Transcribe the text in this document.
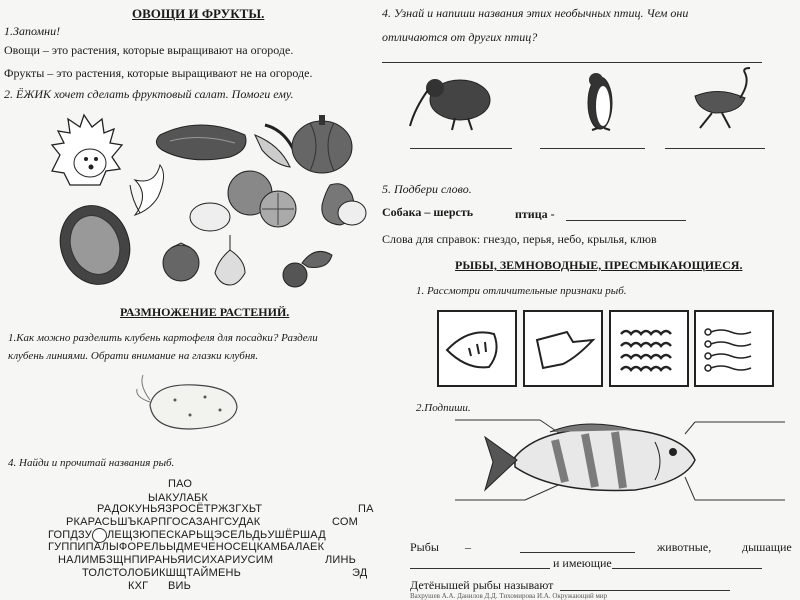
ОВОЩИ И ФРУКТЫ.
1.Запомни!
Овощи – это растения, которые выращивают на огороде.
Фрукты – это растения, которые выращивают не на огороде.
2. ЁЖИК хочет сделать фруктовый салат. Помоги ему.
РАЗМНОЖЕНИЕ РАСТЕНИЙ.
1.Как можно разделить клубень картофеля для посадки? Раздели
клубень линиями. Обрати внимание на глазки клубня.
4. Найди и прочитай названия рыб.
ПАО
ЫАКУЛАБК
РАДОКУНЬЯЗРОСЁТРЖЗГХЬТ	ПА
РКАРАСЬШЪКАРПГОСАЗАНГСУДАК	СОМ
ГОПДЗУ ЛЕЩЗЮПЕСКАРЬЩЭСЕЛЬДЬУШЁРШАД
ГУППИПАЛЫФОРЕЛЬЫДМЕЧЕНОСЕЦКАМБАЛАЕК
НАЛИМБЗЩНПИРАНЬЯИСИХАРИУСИМ	ЛИНЬ
ТОЛСТОЛОБИКШЩТАЙМЕНЬ	ЭД
КХГ ВИЬ
4. Узнай и напиши названия этих необычных птиц. Чем они
отличаются от других птиц?
5. Подбери слово.
Собака – шерсть	птица -
Слова для справок: гнездо, перья, небо, крылья, клюв
РЫБЫ, ЗЕМНОВОДНЫЕ, ПРЕСМЫКАЮЩИЕСЯ.
1. Рассмотри отличительные признаки рыб.
2.Подпиши.
Рыбы –	животные,	дышащие
и имеющие
Детёнышей рыбы называют
Вахрушев А.А. Данилов Д.Д. Тихомирова И.А. Окружающий мир
